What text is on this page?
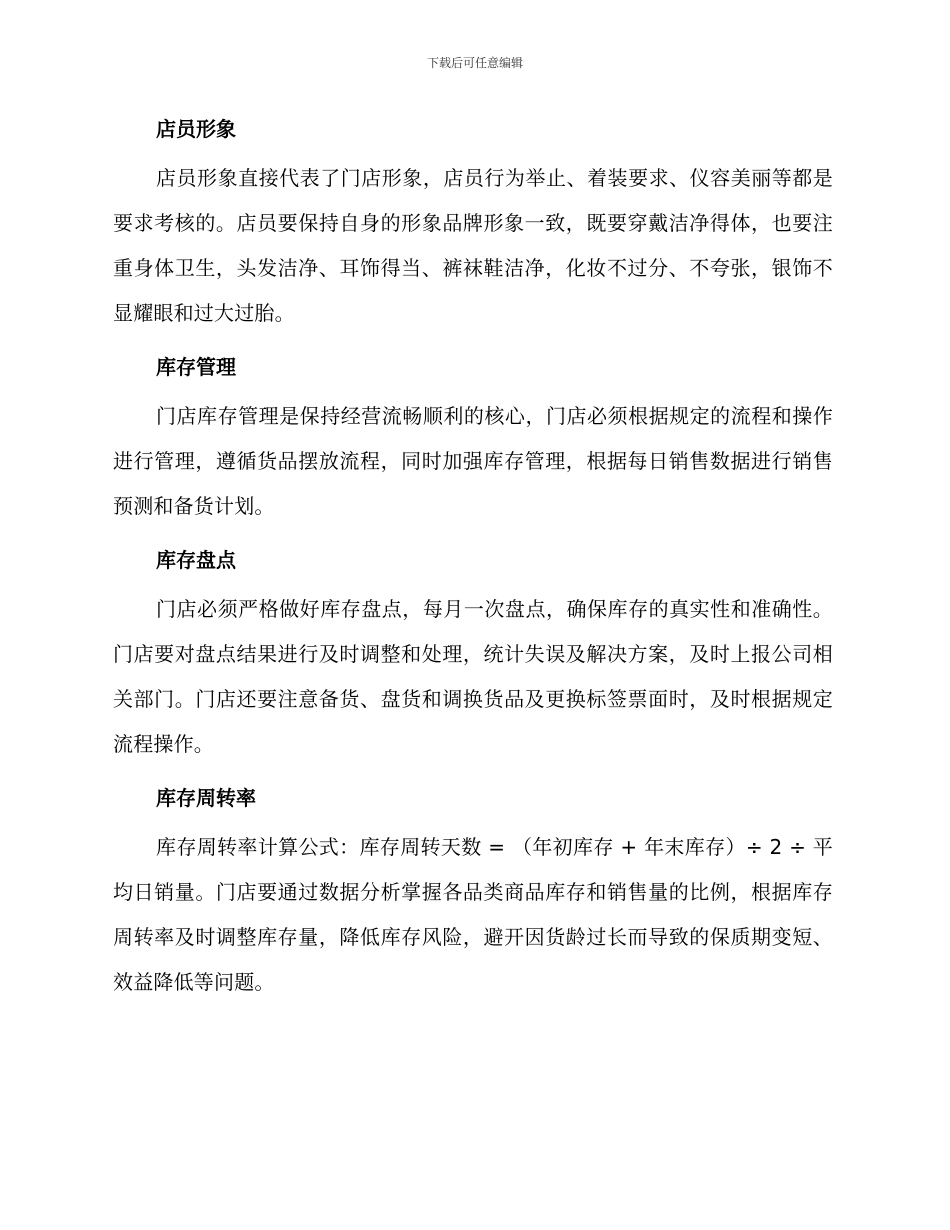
下载后可任意编辑
店员形象

店员形象直接代表了门店形象，店员行为举止、着装要求、仪容美丽等都是要求考核的。店员要保持自身的形象品牌形象一致，既要穿戴洁净得体，也要注重身体卫生，头发洁净、耳饰得当、裤袜鞋洁净，化妆不过分、不夸张，银饰不显耀眼和过大过胎。

库存管理

门店库存管理是保持经营流畅顺利的核心，门店必须根据规定的流程和操作进行管理，遵循货品摆放流程，同时加强库存管理，根据每日销售数据进行销售预测和备货计划。

库存盘点

门店必须严格做好库存盘点，每月一次盘点，确保库存的真实性和准确性。门店要对盘点结果进行及时调整和处理，统计失误及解决方案，及时上报公司相关部门。门店还要注意备货、盘货和调换货品及更换标签票面时，及时根据规定流程操作。

库存周转率

库存周转率计算公式：库存周转天数 = （年初库存 + 年末库存）÷ 2 ÷ 平均日销量。门店要通过数据分析掌握各品类商品库存和销售量的比例，根据库存周转率及时调整库存量，降低库存风险，避开因货龄过长而导致的保质期变短、效益降低等问题。
